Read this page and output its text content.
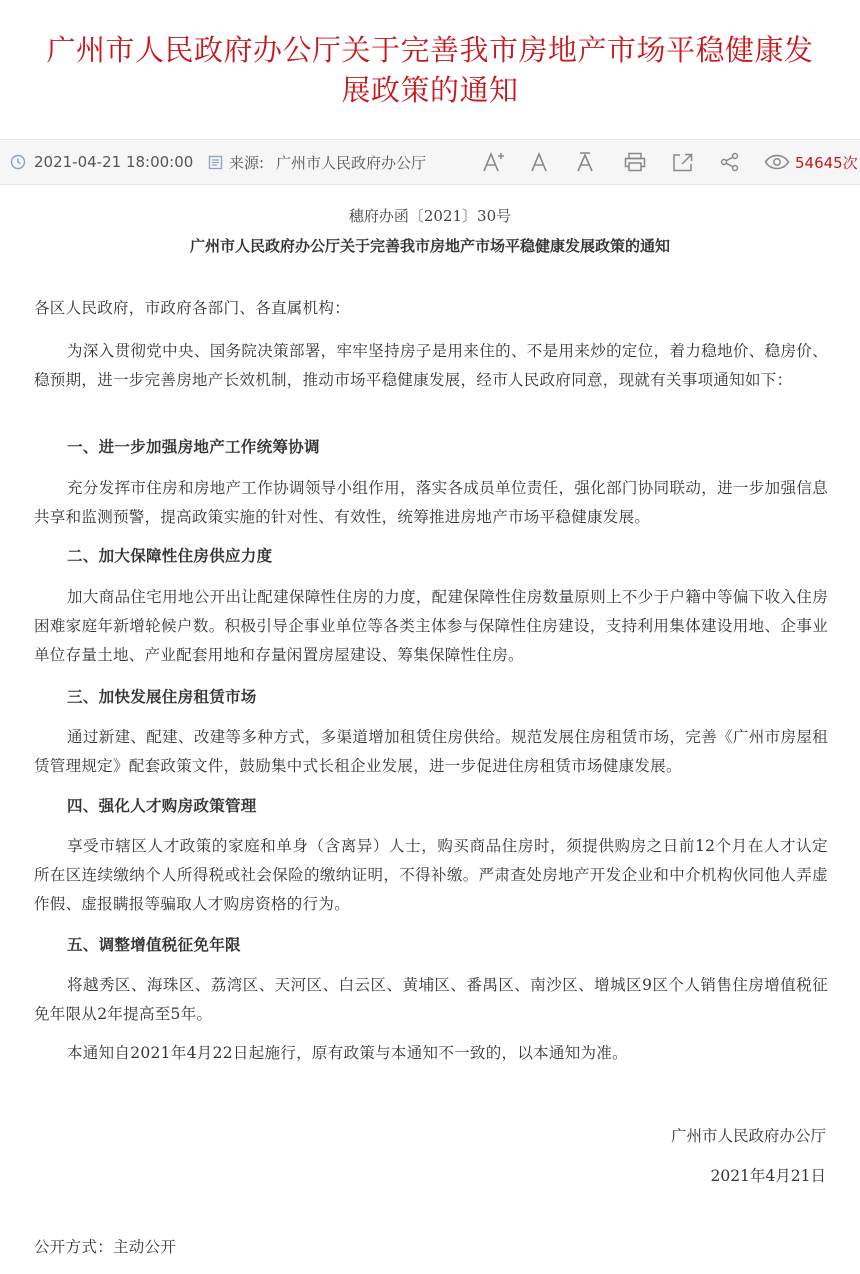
广州市人民政府办公厅关于完善我市房地产市场平稳健康发展政策的通知
2021-04-21 18:00:00 来源: 广州市人民政府办公厅	54645次
穗府办函〔2021〕30号
广州市人民政府办公厅关于完善我市房地产市场平稳健康发展政策的通知

各区人民政府，市政府各部门、各直属机构：

为深入贯彻党中央、国务院决策部署，牢牢坚持房子是用来住的、不是用来炒的定位，着力稳地价、稳房价、稳预期，进一步完善房地产长效机制，推动市场平稳健康发展，经市人民政府同意，现就有关事项通知如下：

一、进一步加强房地产工作统筹协调

充分发挥市住房和房地产工作协调领导小组作用，落实各成员单位责任，强化部门协同联动，进一步加强信息共享和监测预警，提高政策实施的针对性、有效性，统筹推进房地产市场平稳健康发展。

二、加大保障性住房供应力度

加大商品住宅用地公开出让配建保障性住房的力度，配建保障性住房数量原则上不少于户籍中等偏下收入住房困难家庭年新增轮候户数。积极引导企事业单位等各类主体参与保障性住房建设，支持利用集体建设用地、企事业单位存量土地、产业配套用地和存量闲置房屋建设、筹集保障性住房。

三、加快发展住房租赁市场

通过新建、配建、改建等多种方式，多渠道增加租赁住房供给。规范发展住房租赁市场，完善《广州市房屋租赁管理规定》配套政策文件，鼓励集中式长租企业发展，进一步促进住房租赁市场健康发展。

四、强化人才购房政策管理

享受市辖区人才政策的家庭和单身（含离异）人士，购买商品住房时，须提供购房之日前12个月在人才认定所在区连续缴纳个人所得税或社会保险的缴纳证明，不得补缴。严肃查处房地产开发企业和中介机构伙同他人弄虚作假、虚报瞒报等骗取人才购房资格的行为。

五、调整增值税征免年限

将越秀区、海珠区、荔湾区、天河区、白云区、黄埔区、番禺区、南沙区、增城区9区个人销售住房增值税征免年限从2年提高至5年。

本通知自2021年4月22日起施行，原有政策与本通知不一致的，以本通知为准。

广州市人民政府办公厅
2021年4月21日

公开方式：主动公开
